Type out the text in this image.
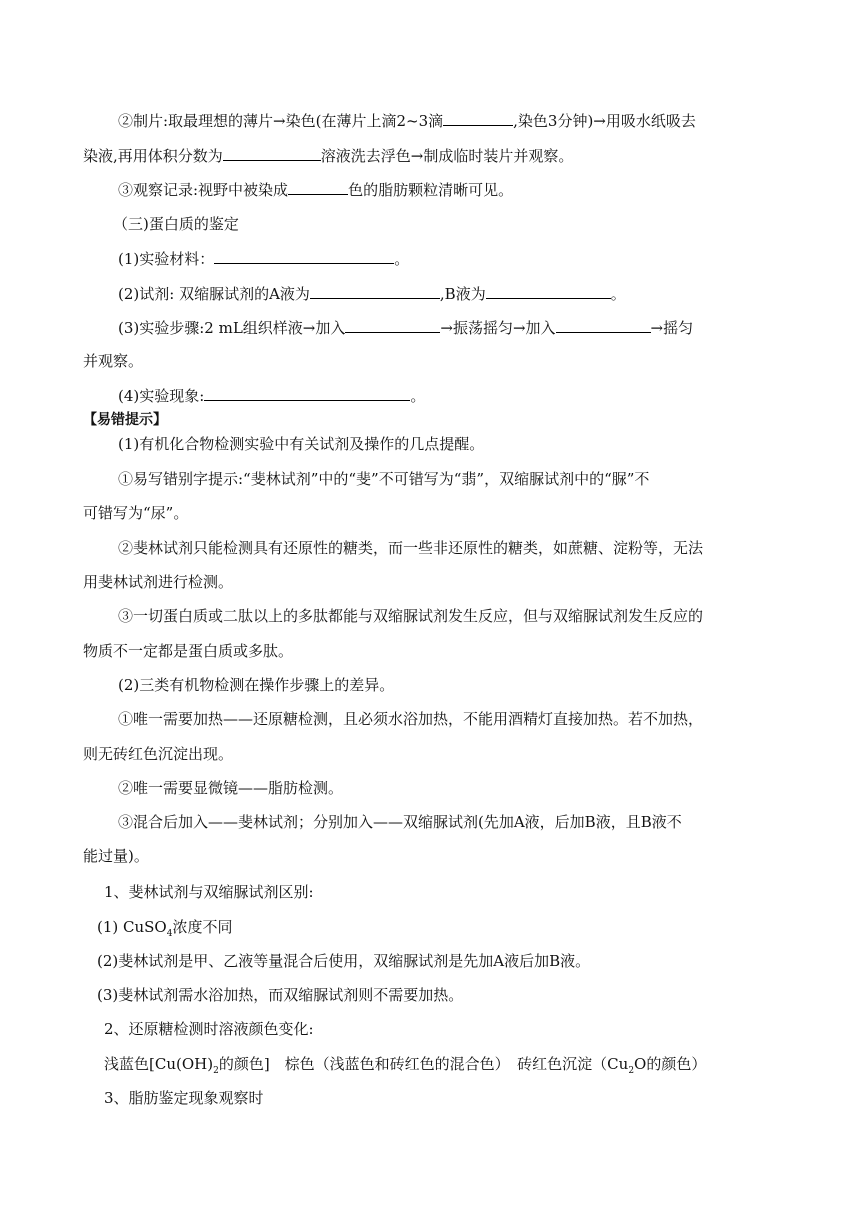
②制片:取最理想的薄片→染色(在薄片上滴2~3滴	,染色3分钟)→用吸水纸吸去
染液,再用体积分数为	溶液洗去浮色→制成临时装片并观察。
③观察记录:视野中被染成	色的脂肪颗粒清晰可见。
（三)蛋白质的鉴定
(1)实验材料：	。
(2)试剂: 双缩脲试剂的A液为	,B液为	。
(3)实验步骤:2 mL组织样液→加入	→振荡摇匀→加入	→摇匀
并观察。
(4)实验现象:	。
【易错提示】
(1)有机化合物检测实验中有关试剂及操作的几点提醒。
①易写错别字提示:“斐林试剂”中的“斐”不可错写为“翡”，双缩脲试剂中的“脲”不
可错写为“尿”。
②斐林试剂只能检测具有还原性的糖类，而一些非还原性的糖类，如蔗糖、淀粉等，无法
用斐林试剂进行检测。
③一切蛋白质或二肽以上的多肽都能与双缩脲试剂发生反应，但与双缩脲试剂发生反应的
物质不一定都是蛋白质或多肽。
(2)三类有机物检测在操作步骤上的差异。
①唯一需要加热——还原糖检测，且必须水浴加热，不能用酒精灯直接加热。若不加热，
则无砖红色沉淀出现。
②唯一需要显微镜——脂肪检测。
③混合后加入——斐林试剂；分别加入——双缩脲试剂(先加A液，后加B液，且B液不
能过量)。
1、斐林试剂与双缩脲试剂区别:
(1) CuSO$_4$浓度不同
(2)斐林试剂是甲、乙液等量混合后使用，双缩脲试剂是先加A液后加B液。
(3)斐林试剂需水浴加热，而双缩脲试剂则不需要加热。
2、还原糖检测时溶液颜色变化:
浅蓝色[$Cu(OH)_2$的颜色]　棕色（浅蓝色和砖红色的混合色）　砖红色沉淀（$Cu_2O$的颜色）
3、脂肪鉴定现象观察时
